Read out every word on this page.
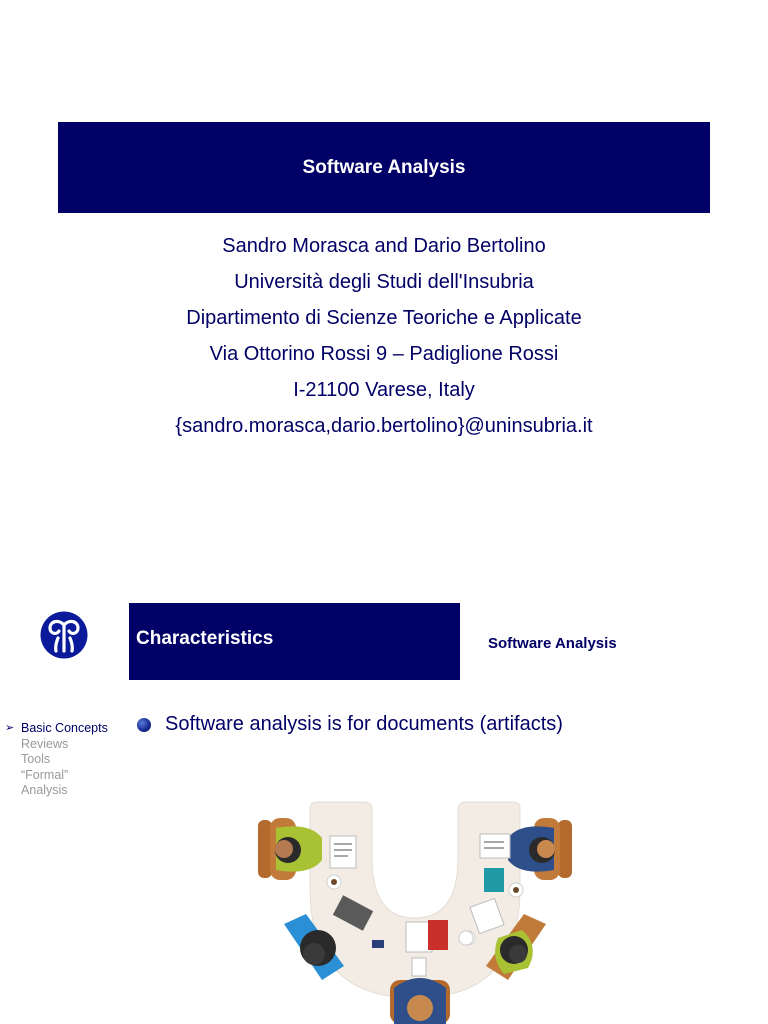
Software Analysis
Sandro Morasca and Dario Bertolino
Università degli Studi dell'Insubria
Dipartimento di Scienze Teoriche e Applicate
Via Ottorino Rossi 9 – Padiglione Rossi
I-21100 Varese, Italy
{sandro.morasca,dario.bertolino}@uninsubria.it
Characteristics	Software Analysis
➢ Basic Concepts
Reviews
Tools
“Formal”
Analysis
Software analysis is for documents (artifacts)
